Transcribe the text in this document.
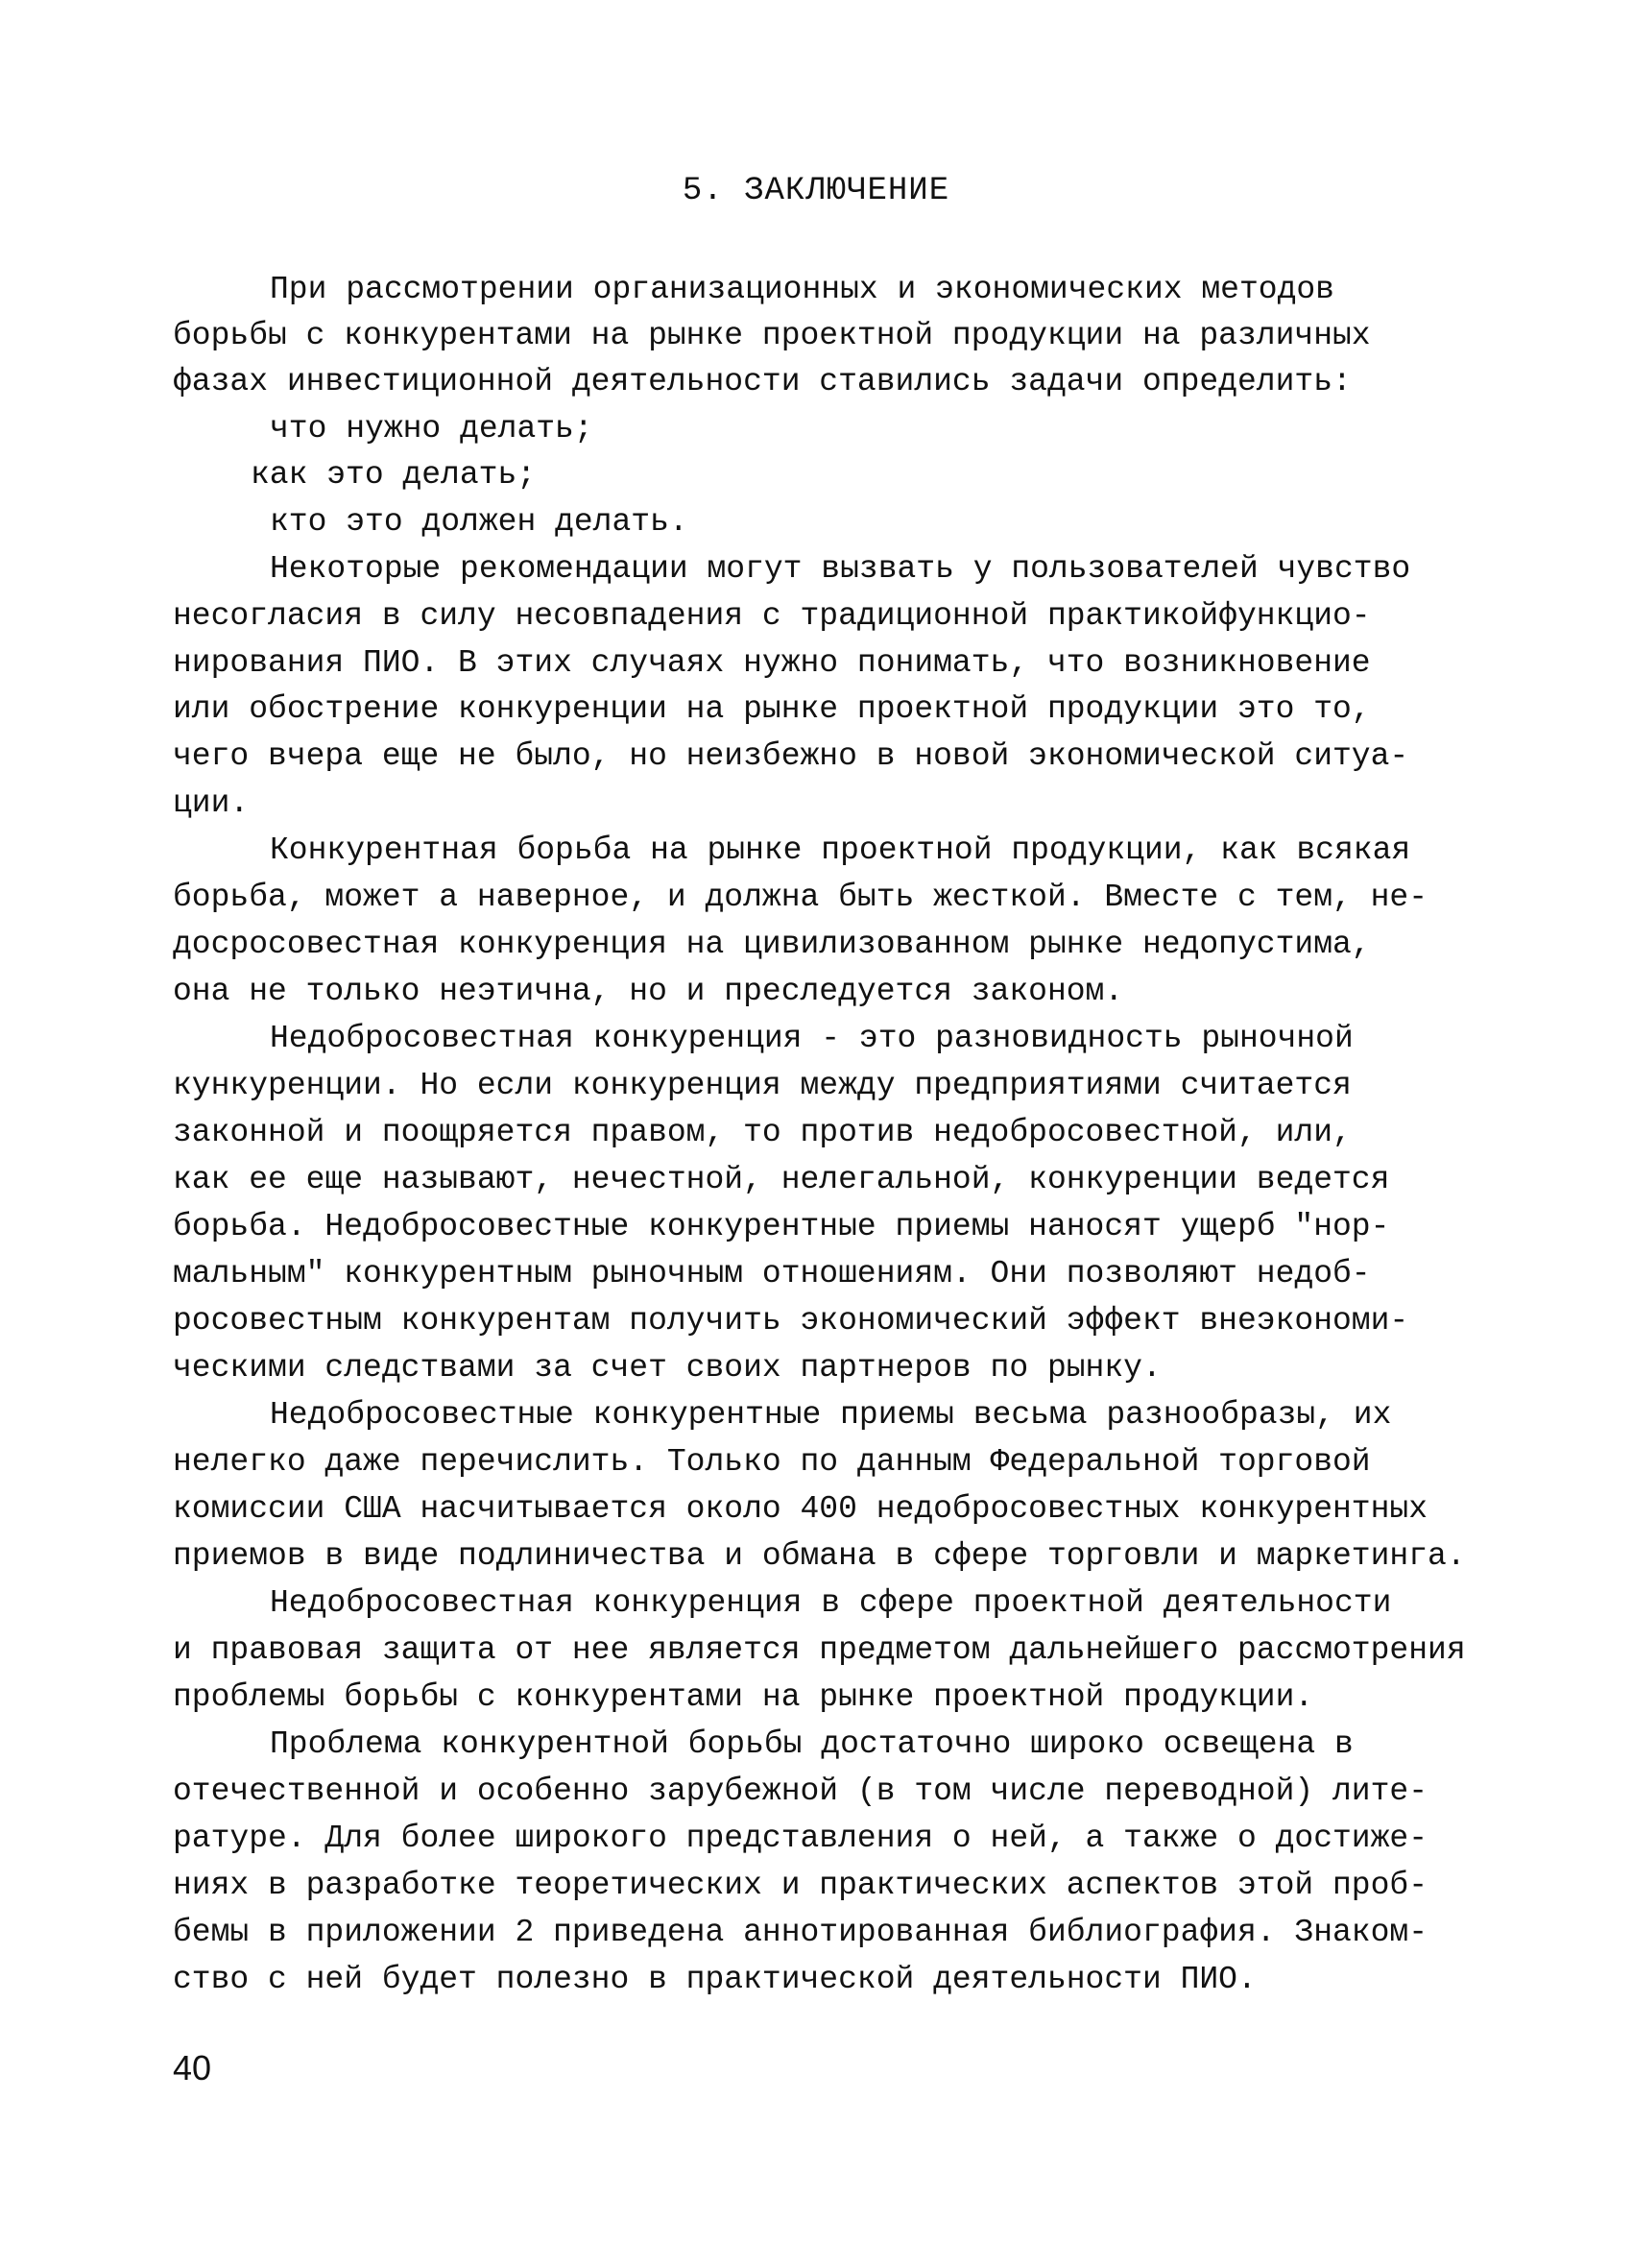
5. ЗАКЛЮЧЕНИЕ
При рассмотрении организационных и экономических методов
борьбы с конкурентами на рынке проектной продукции на различных
фазах инвестиционной деятельности ставились задачи определить:
что нужно делать;
как это делать;
кто это должен делать.
Некоторые рекомендации могут вызвать у пользователей чувство
несогласия в силу несовпадения с традиционной практикойфункцио-
нирования ПИО. В этих случаях нужно понимать, что возникновение
или обострение конкуренции на рынке проектной продукции это то,
чего вчера еще не было, но неизбежно в новой экономической ситуа-
ции.
Конкурентная борьба на рынке проектной продукции, как всякая
борьба, может а наверное, и должна быть жесткой. Вместе с тем, не-
досросовестная конкуренция на цивилизованном рынке недопустима,
она не только неэтична, но и преследуется законом.
Недобросовестная конкуренция - это разновидность рыночной
кункуренции. Но если конкуренция между предприятиями считается
законной и поощряется правом, то против недобросовестной, или,
как ее еще называют, нечестной, нелегальной, конкуренции ведется
борьба. Недобросовестные конкурентные приемы наносят ущерб "нор-
мальным" конкурентным рыночным отношениям. Они позволяют недоб-
росовестным конкурентам получить экономический эффект внеэкономи-
ческими следствами за счет своих партнеров по рынку.
Недобросовестные конкурентные приемы весьма разнообразы, их
нелегко даже перечислить. Только по данным Федеральной торговой
комиссии США насчитывается около 400 недобросовестных конкурентных
приемов в виде подлиничества и обмана в сфере торговли и маркетинга.
Недобросовестная конкуренция в сфере проектной деятельности
и правовая защита от нее является предметом дальнейшего рассмотрения
проблемы борьбы с конкурентами на рынке проектной продукции.
Проблема конкурентной борьбы достаточно широко освещена в
отечественной и особенно зарубежной (в том числе переводной) лите-
ратуре. Для более широкого представления о ней, а также о достиже-
ниях в разработке теоретических и практических аспектов этой проб-
бемы в приложении 2 приведена аннотированная библиография. Знаком-
ство с ней будет полезно в практической деятельности ПИО.
40
